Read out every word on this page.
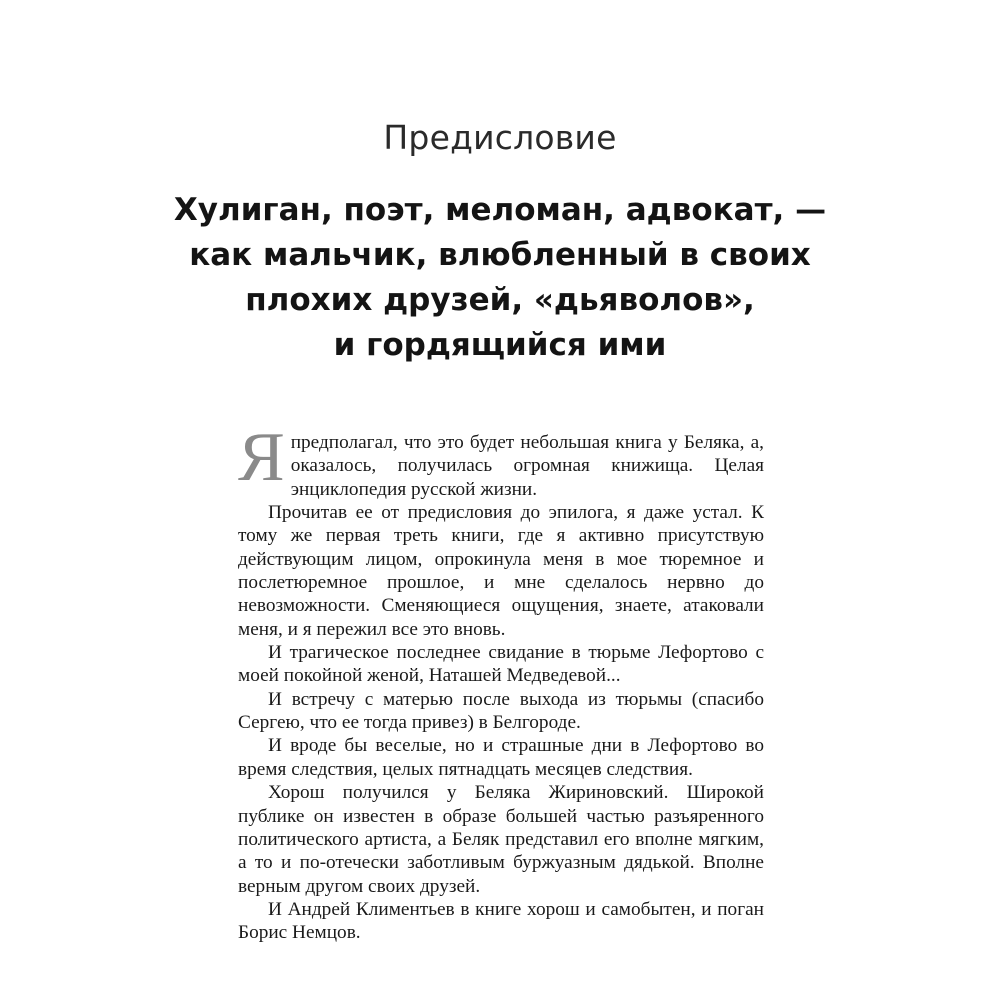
Предисловие
Хулиган, поэт, меломан, адвокат, —
как мальчик, влюбленный в своих
плохих друзей, «дьяволов»,
и гордящийся ими

Япредполагал, что это будет небольшая книга у Беляка, а, оказалось, получилась огромная книжища. Целая энциклопедия русской жизни.

Прочитав ее от предисловия до эпилога, я даже устал. К тому же первая треть книги, где я активно присутствую действующим лицом, опрокинула меня в мое тюремное и послетюремное прошлое, и мне сделалось нервно до невозможности. Сменяющиеся ощущения, знаете, атаковали меня, и я пережил все это вновь.

И трагическое последнее свидание в тюрьме Лефортово с моей покойной женой, Наташей Медведевой...

И встречу с матерью после выхода из тюрьмы (спасибо Сергею, что ее тогда привез) в Белгороде.

И вроде бы веселые, но и страшные дни в Лефортово во время следствия, целых пятнадцать месяцев следствия.

Хорош получился у Беляка Жириновский. Широкой публике он известен в образе большей частью разъяренного политического артиста, а Беляк представил его вполне мягким, а то и по-отечески заботливым буржуазным дядькой. Вполне верным другом своих друзей.

И Андрей Климентьев в книге хорош и самобытен, и поган Борис Немцов.
